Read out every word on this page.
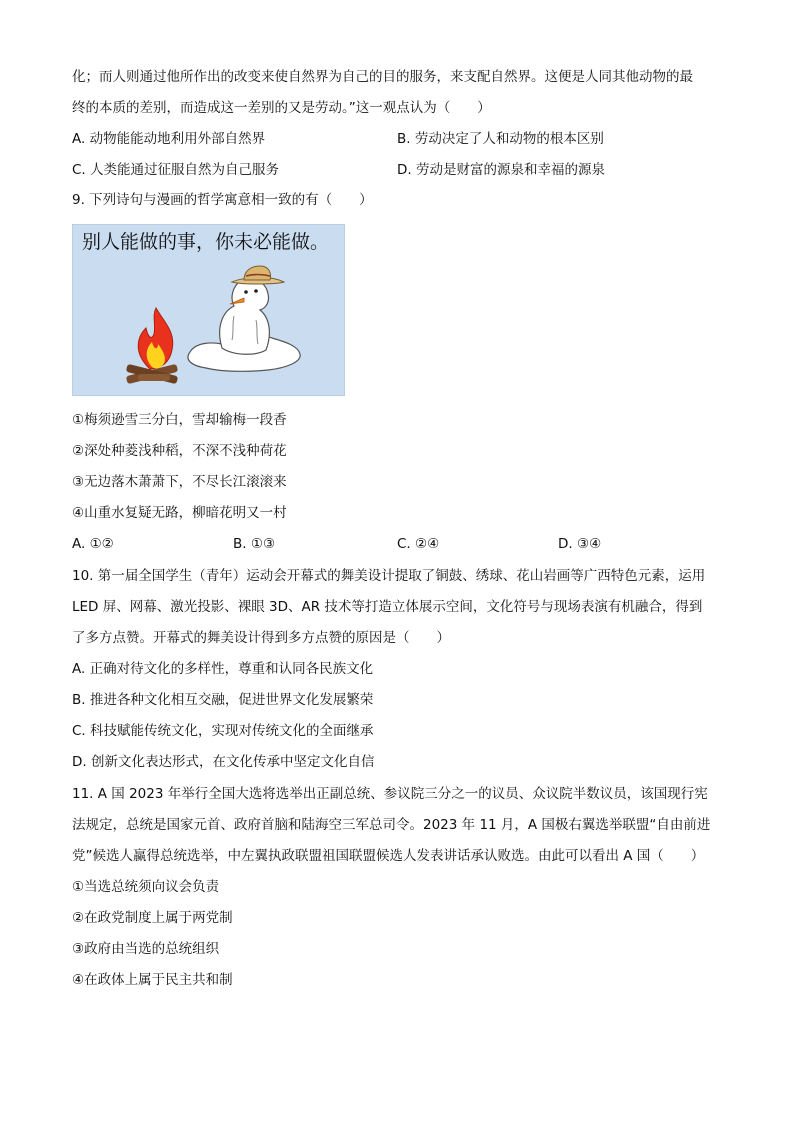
化；而人则通过他所作出的改变来使自然界为自己的目的服务，来支配自然界。这便是人同其他动物的最
终的本质的差别，而造成这一差别的又是劳动。”这一观点认为（　　）
A. 动物能能动地利用外部自然界	B. 劳动决定了人和动物的根本区别
C. 人类能通过征服自然为自己服务	D. 劳动是财富的源泉和幸福的源泉
9. 下列诗句与漫画的哲学寓意相一致的有（　　）
别人能做的事，你未必能做。
①梅须逊雪三分白，雪却输梅一段香
②深处种菱浅种稻，不深不浅种荷花
③无边落木萧萧下，不尽长江滚滚来
④山重水复疑无路，柳暗花明又一村
A. ①②	B. ①③	C. ②④	D. ③④
10. 第一届全国学生（青年）运动会开幕式的舞美设计提取了铜鼓、绣球、花山岩画等广西特色元素，运用
LED 屏、网幕、激光投影、裸眼 3D、AR 技术等打造立体展示空间，文化符号与现场表演有机融合，得到
了多方点赞。开幕式的舞美设计得到多方点赞的原因是（　　）
A. 正确对待文化的多样性，尊重和认同各民族文化
B. 推进各种文化相互交融，促进世界文化发展繁荣
C. 科技赋能传统文化，实现对传统文化的全面继承
D. 创新文化表达形式，在文化传承中坚定文化自信
11. A 国 2023 年举行全国大选将选举出正副总统、参议院三分之一的议员、众议院半数议员，该国现行宪
法规定，总统是国家元首、政府首脑和陆海空三军总司令。2023 年 11 月，A 国极右翼选举联盟“自由前进
党”候选人赢得总统选举，中左翼执政联盟祖国联盟候选人发表讲话承认败选。由此可以看出 A 国（　　）
①当选总统须向议会负责
②在政党制度上属于两党制
③政府由当选的总统组织
④在政体上属于民主共和制
